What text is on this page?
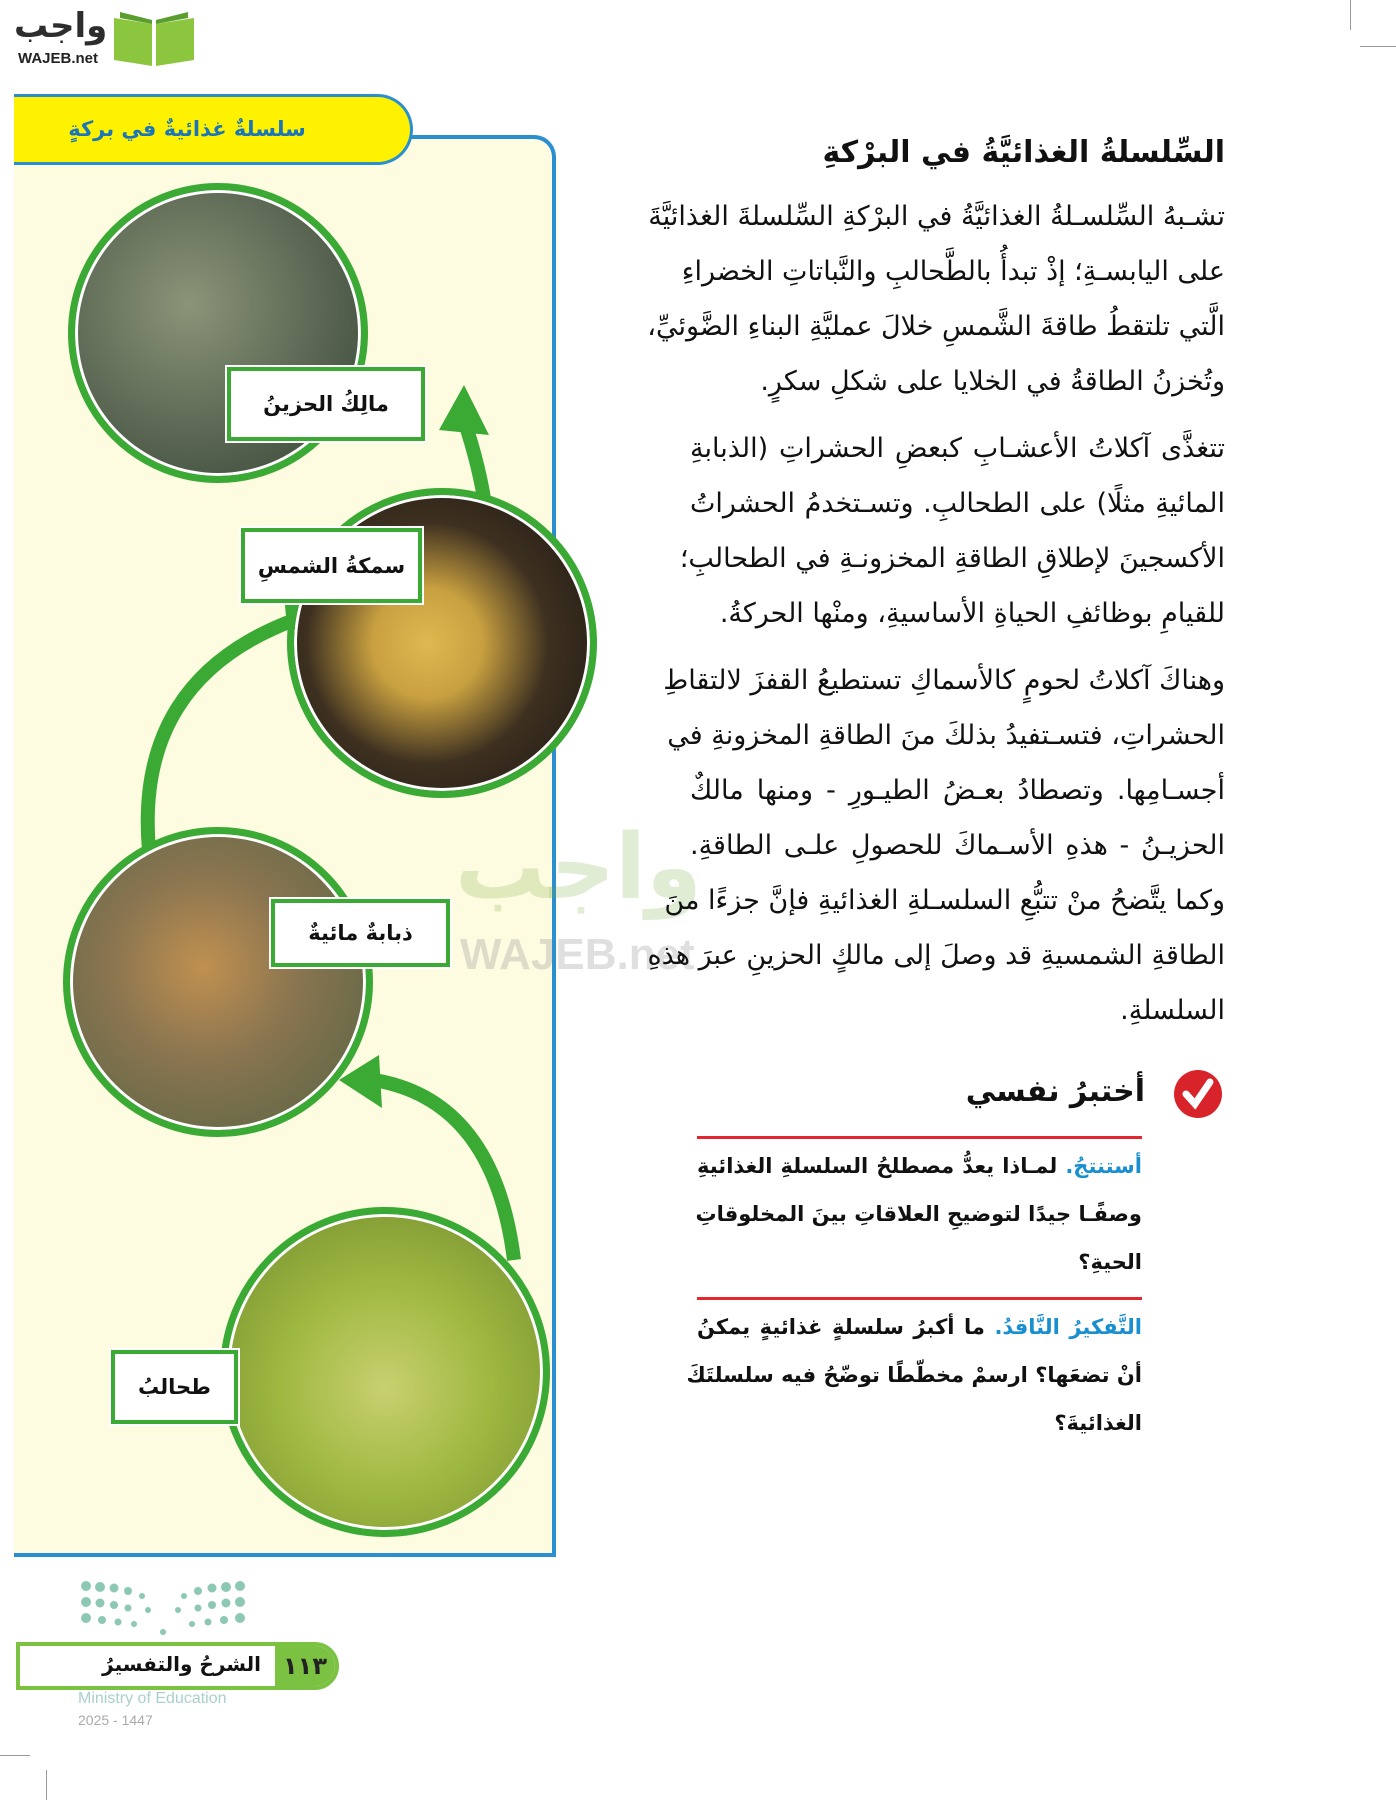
واجب
WAJEB.net
سلسلةٌ غذائيةٌ في بركةٍ
مالِكُ الحزينُ
سمكةُ الشمسِ
ذبابةٌ مائيةٌ
طحالبُ
واجب
WAJEB.net
السِّلسلةُ الغذائيَّةُ في البرْكةِ
تشـبهُ السِّلسـلةُ الغذائيَّةُ في البرْكةِ السِّلسلةَ الغذائيَّةَ
على اليابسـةِ؛ إذْ تبدأُ بالطَّحالبِ والنَّباتاتِ الخضراءِ
الَّتي تلتقطُ طاقةَ الشَّمسِ خلالَ عمليَّةِ البناءِ الضَّوئيِّ،
وتُخزنُ الطاقةُ في الخلايا على شكلِ سكرٍ.
تتغذَّى آكلاتُ الأعشـابِ كبعضِ الحشراتِ (الذبابةِ
المائيةِ مثلًا) على الطحالبِ. وتسـتخدمُ الحشراتُ
الأكسجينَ لإطلاقِ الطاقةِ المخزونـةِ في الطحالبِ؛
للقيامِ بوظائفِ الحياةِ الأساسيةِ، ومنْها الحركةُ.
وهناكَ آكلاتُ لحومٍ كالأسماكِ تستطيعُ القفزَ لالتقاطِ
الحشراتِ، فتسـتفيدُ بذلكَ منَ الطاقةِ المخزونةِ في
أجسـامِها. وتصطادُ بعـضُ الطيـورِ - ومنها مالكٌ
الحزيـنُ - هذهِ الأسـماكَ للحصولِ علـى الطاقةِ.
وكما يتَّضحُ منْ تتبُّعِ السلسـلةِ الغذائيةِ فإنَّ جزءًا منَ
الطاقةِ الشمسيةِ قد وصلَ إلى مالكٍ الحزينِ عبرَ هذهِ
السلسلةِ.
أختبرُ نفسي
أستنتجُ. لمـاذا يعدُّ مصطلحُ السلسلةِ الغذائيةِ
وصفًـا جيدًا لتوضيحِ العلاقاتِ بينَ المخلوقاتِ
الحيةِ؟
التَّفكيرُ النَّاقدُ. ما أكبرُ سلسلةٍ غذائيةٍ يمكنُ
أنْ تضعَها؟ ارسمْ مخطّطًا توضّحُ فيه سلسلتَكَ
الغذائيةَ؟
١١٣
الشرحُ والتفسيرُ
Ministry of Education
2025 - 1447
